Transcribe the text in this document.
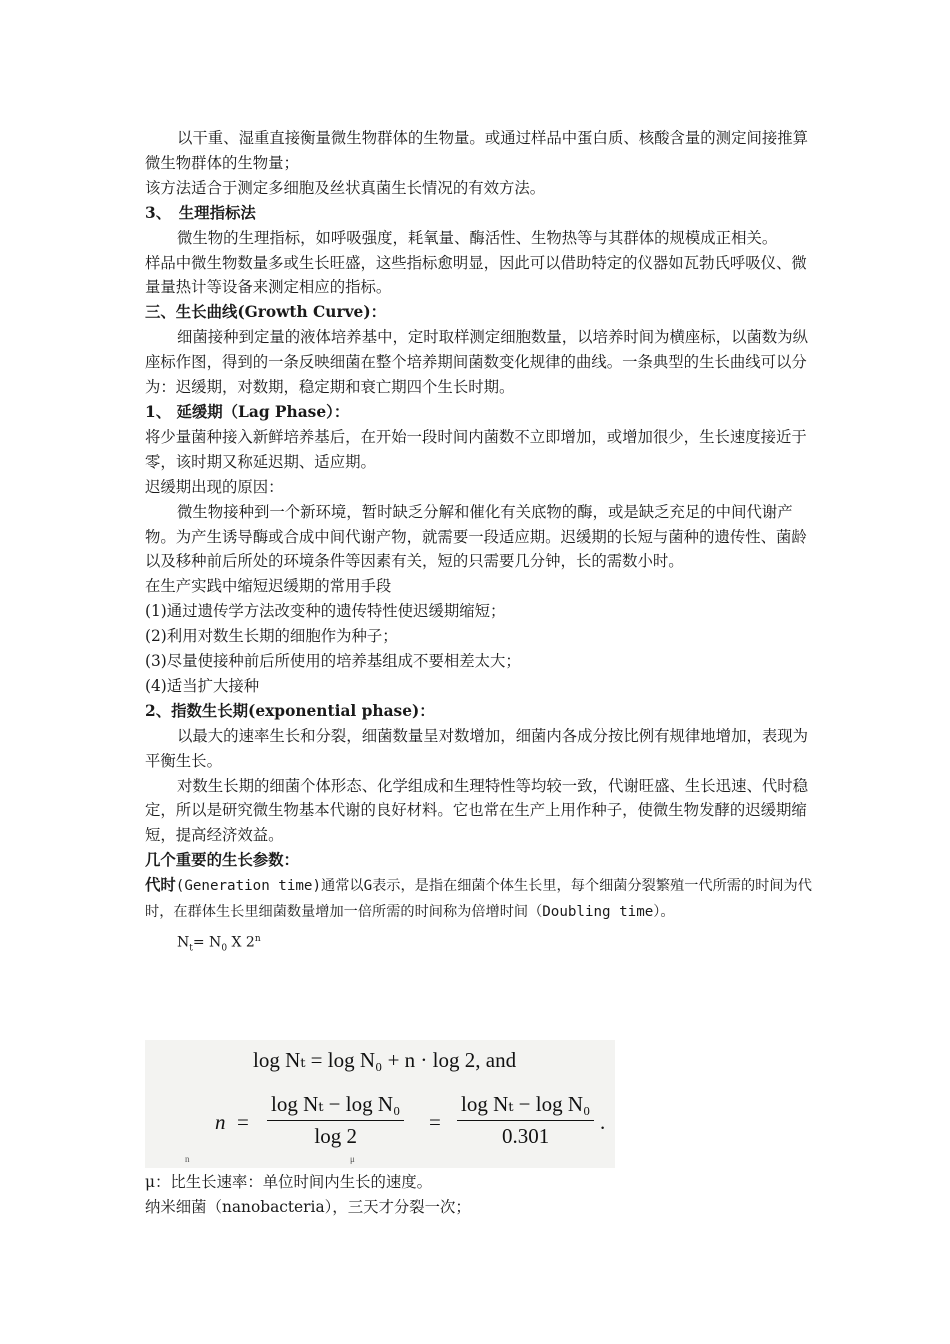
以干重、湿重直接衡量微生物群体的生物量。或通过样品中蛋白质、核酸含量的测定间接推算微生物群体的生物量；

该方法适合于测定多细胞及丝状真菌生长情况的有效方法。

3、　生理指标法

微生物的生理指标，如呼吸强度，耗氧量、酶活性、生物热等与其群体的规模成正相关。

样品中微生物数量多或生长旺盛，这些指标愈明显，因此可以借助特定的仪器如瓦勃氏呼吸仪、微量量热计等设备来测定相应的指标。

三、生长曲线(Growth Curve)：

细菌接种到定量的液体培养基中，定时取样测定细胞数量，以培养时间为横座标，以菌数为纵座标作图，得到的一条反映细菌在整个培养期间菌数变化规律的曲线。一条典型的生长曲线可以分为：迟缓期，对数期，稳定期和衰亡期四个生长时期。

1、 延缓期（Lag Phase）：

将少量菌种接入新鲜培养基后，在开始一段时间内菌数不立即增加，或增加很少，生长速度接近于零，该时期又称延迟期、适应期。

迟缓期出现的原因：

微生物接种到一个新环境，暂时缺乏分解和催化有关底物的酶，或是缺乏充足的中间代谢产物。为产生诱导酶或合成中间代谢产物，就需要一段适应期。迟缓期的长短与菌种的遗传性、菌龄以及移种前后所处的环境条件等因素有关，短的只需要几分钟，长的需数小时。

在生产实践中缩短迟缓期的常用手段

(1)通过遗传学方法改变种的遗传特性使迟缓期缩短；

(2)利用对数生长期的细胞作为种子；

(3)尽量使接种前后所使用的培养基组成不要相差太大；

(4)适当扩大接种

2、指数生长期(exponential phase)：

以最大的速率生长和分裂，细菌数量呈对数增加，细菌内各成分按比例有规律地增加，表现为平衡生长。

对数生长期的细菌个体形态、化学组成和生理特性等均较一致，代谢旺盛、生长迅速、代时稳定，所以是研究微生物基本代谢的良好材料。它也常在生产上用作种子，使微生物发酵的迟缓期缩短，提高经济效益。

几个重要的生长参数：

代时(Generation time)通常以G表示，是指在细菌个体生长里，每个细菌分裂繁殖一代所需的时间为代时，在群体生长里细菌数量增加一倍所需的时间称为倍增时间（Doubling time）。

$N_t= N_0$ X 2$^n$

log Nₜ = log N₀ + n · log 2, and
$n = \frac{\text{log Nₜ − log N₀}}{\log 2} = \frac{\text{log Nₜ − log N₀}}{0.301}$ .
n	μ

μ：比生长速率：单位时间内生长的速度。

纳米细菌（nanobacteria），三天才分裂一次；
